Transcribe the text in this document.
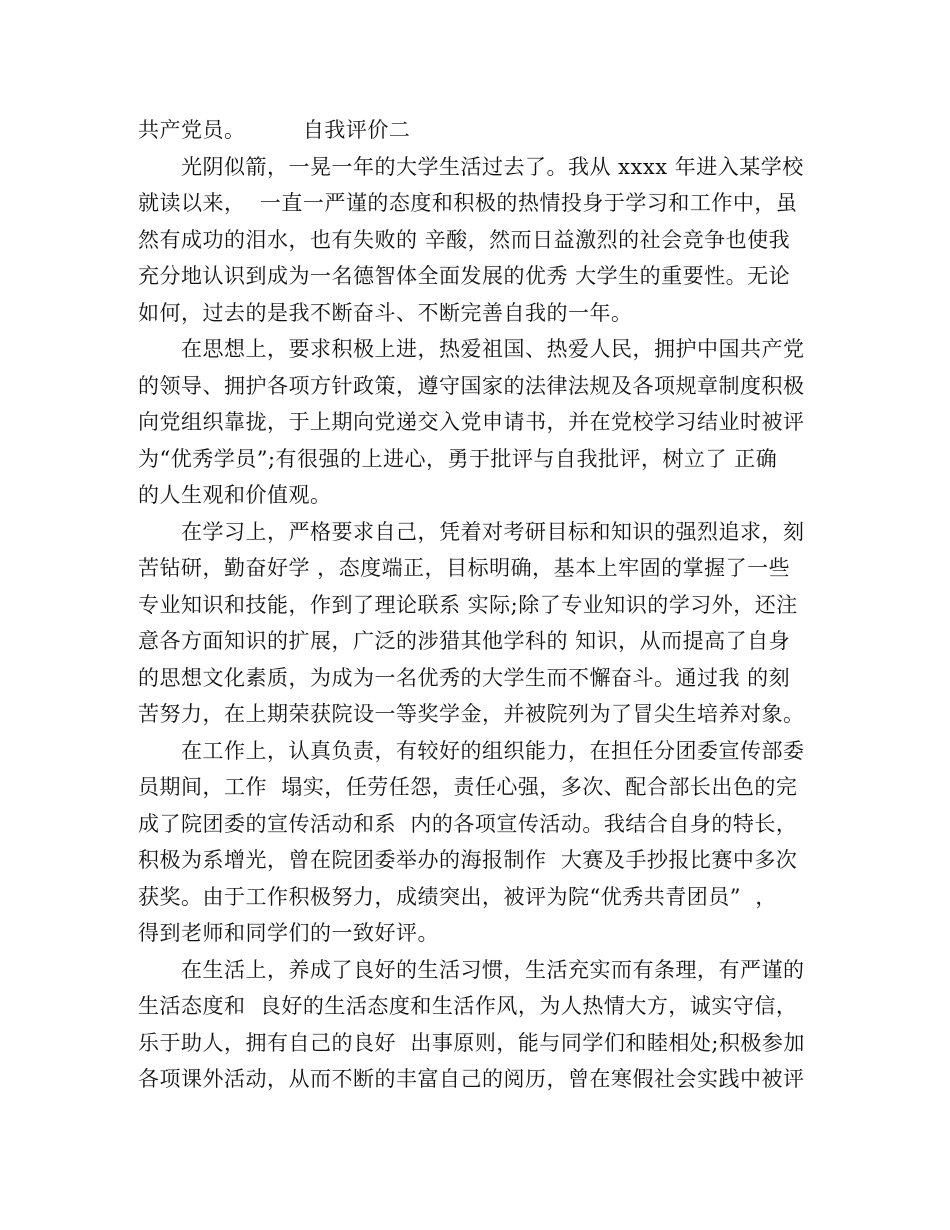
共产党员。        自我评价二
光阴似箭，一晃一年的大学生活过去了。我从 xxxx 年进入某学校
就读以来，  一直一严谨的态度和积极的热情投身于学习和工作中，虽
然有成功的泪水，也有失败的 辛酸，然而日益激烈的社会竞争也使我
充分地认识到成为一名德智体全面发展的优秀 大学生的重要性。无论
如何，过去的是我不断奋斗、不断完善自我的一年。
在思想上，要求积极上进，热爱祖国、热爱人民，拥护中国共产党
的领导、拥护各项方针政策，遵守国家的法律法规及各项规章制度积极
向党组织靠拢，于上期向党递交入党申请书，并在党校学习结业时被评
为“优秀学员”;有很强的上进心，勇于批评与自我批评，树立了 正确
的人生观和价值观。
在学习上，严格要求自己，凭着对考研目标和知识的强烈追求，刻
苦钻研，勤奋好学 ，态度端正，目标明确，基本上牢固的掌握了一些
专业知识和技能，作到了理论联系 实际;除了专业知识的学习外，还注
意各方面知识的扩展，广泛的涉猎其他学科的 知识，从而提高了自身
的思想文化素质，为成为一名优秀的大学生而不懈奋斗。通过我 的刻
苦努力，在上期荣获院设一等奖学金，并被院列为了冒尖生培养对象。
在工作上，认真负责，有较好的组织能力，在担任分团委宣传部委
员期间，工作  塌实，任劳任怨，责任心强，多次、配合部长出色的完
成了院团委的宣传活动和系  内的各项宣传活动。我结合自身的特长，
积极为系增光，曾在院团委举办的海报制作  大赛及手抄报比赛中多次
获奖。由于工作积极努力，成绩突出，被评为院“优秀共青团员”  ，
得到老师和同学们的一致好评。
在生活上，养成了良好的生活习惯，生活充实而有条理，有严谨的
生活态度和  良好的生活态度和生活作风，为人热情大方，诚实守信，
乐于助人，拥有自己的良好  出事原则，能与同学们和睦相处;积极参加
各项课外活动，从而不断的丰富自己的阅历，曾在寒假社会实践中被评
